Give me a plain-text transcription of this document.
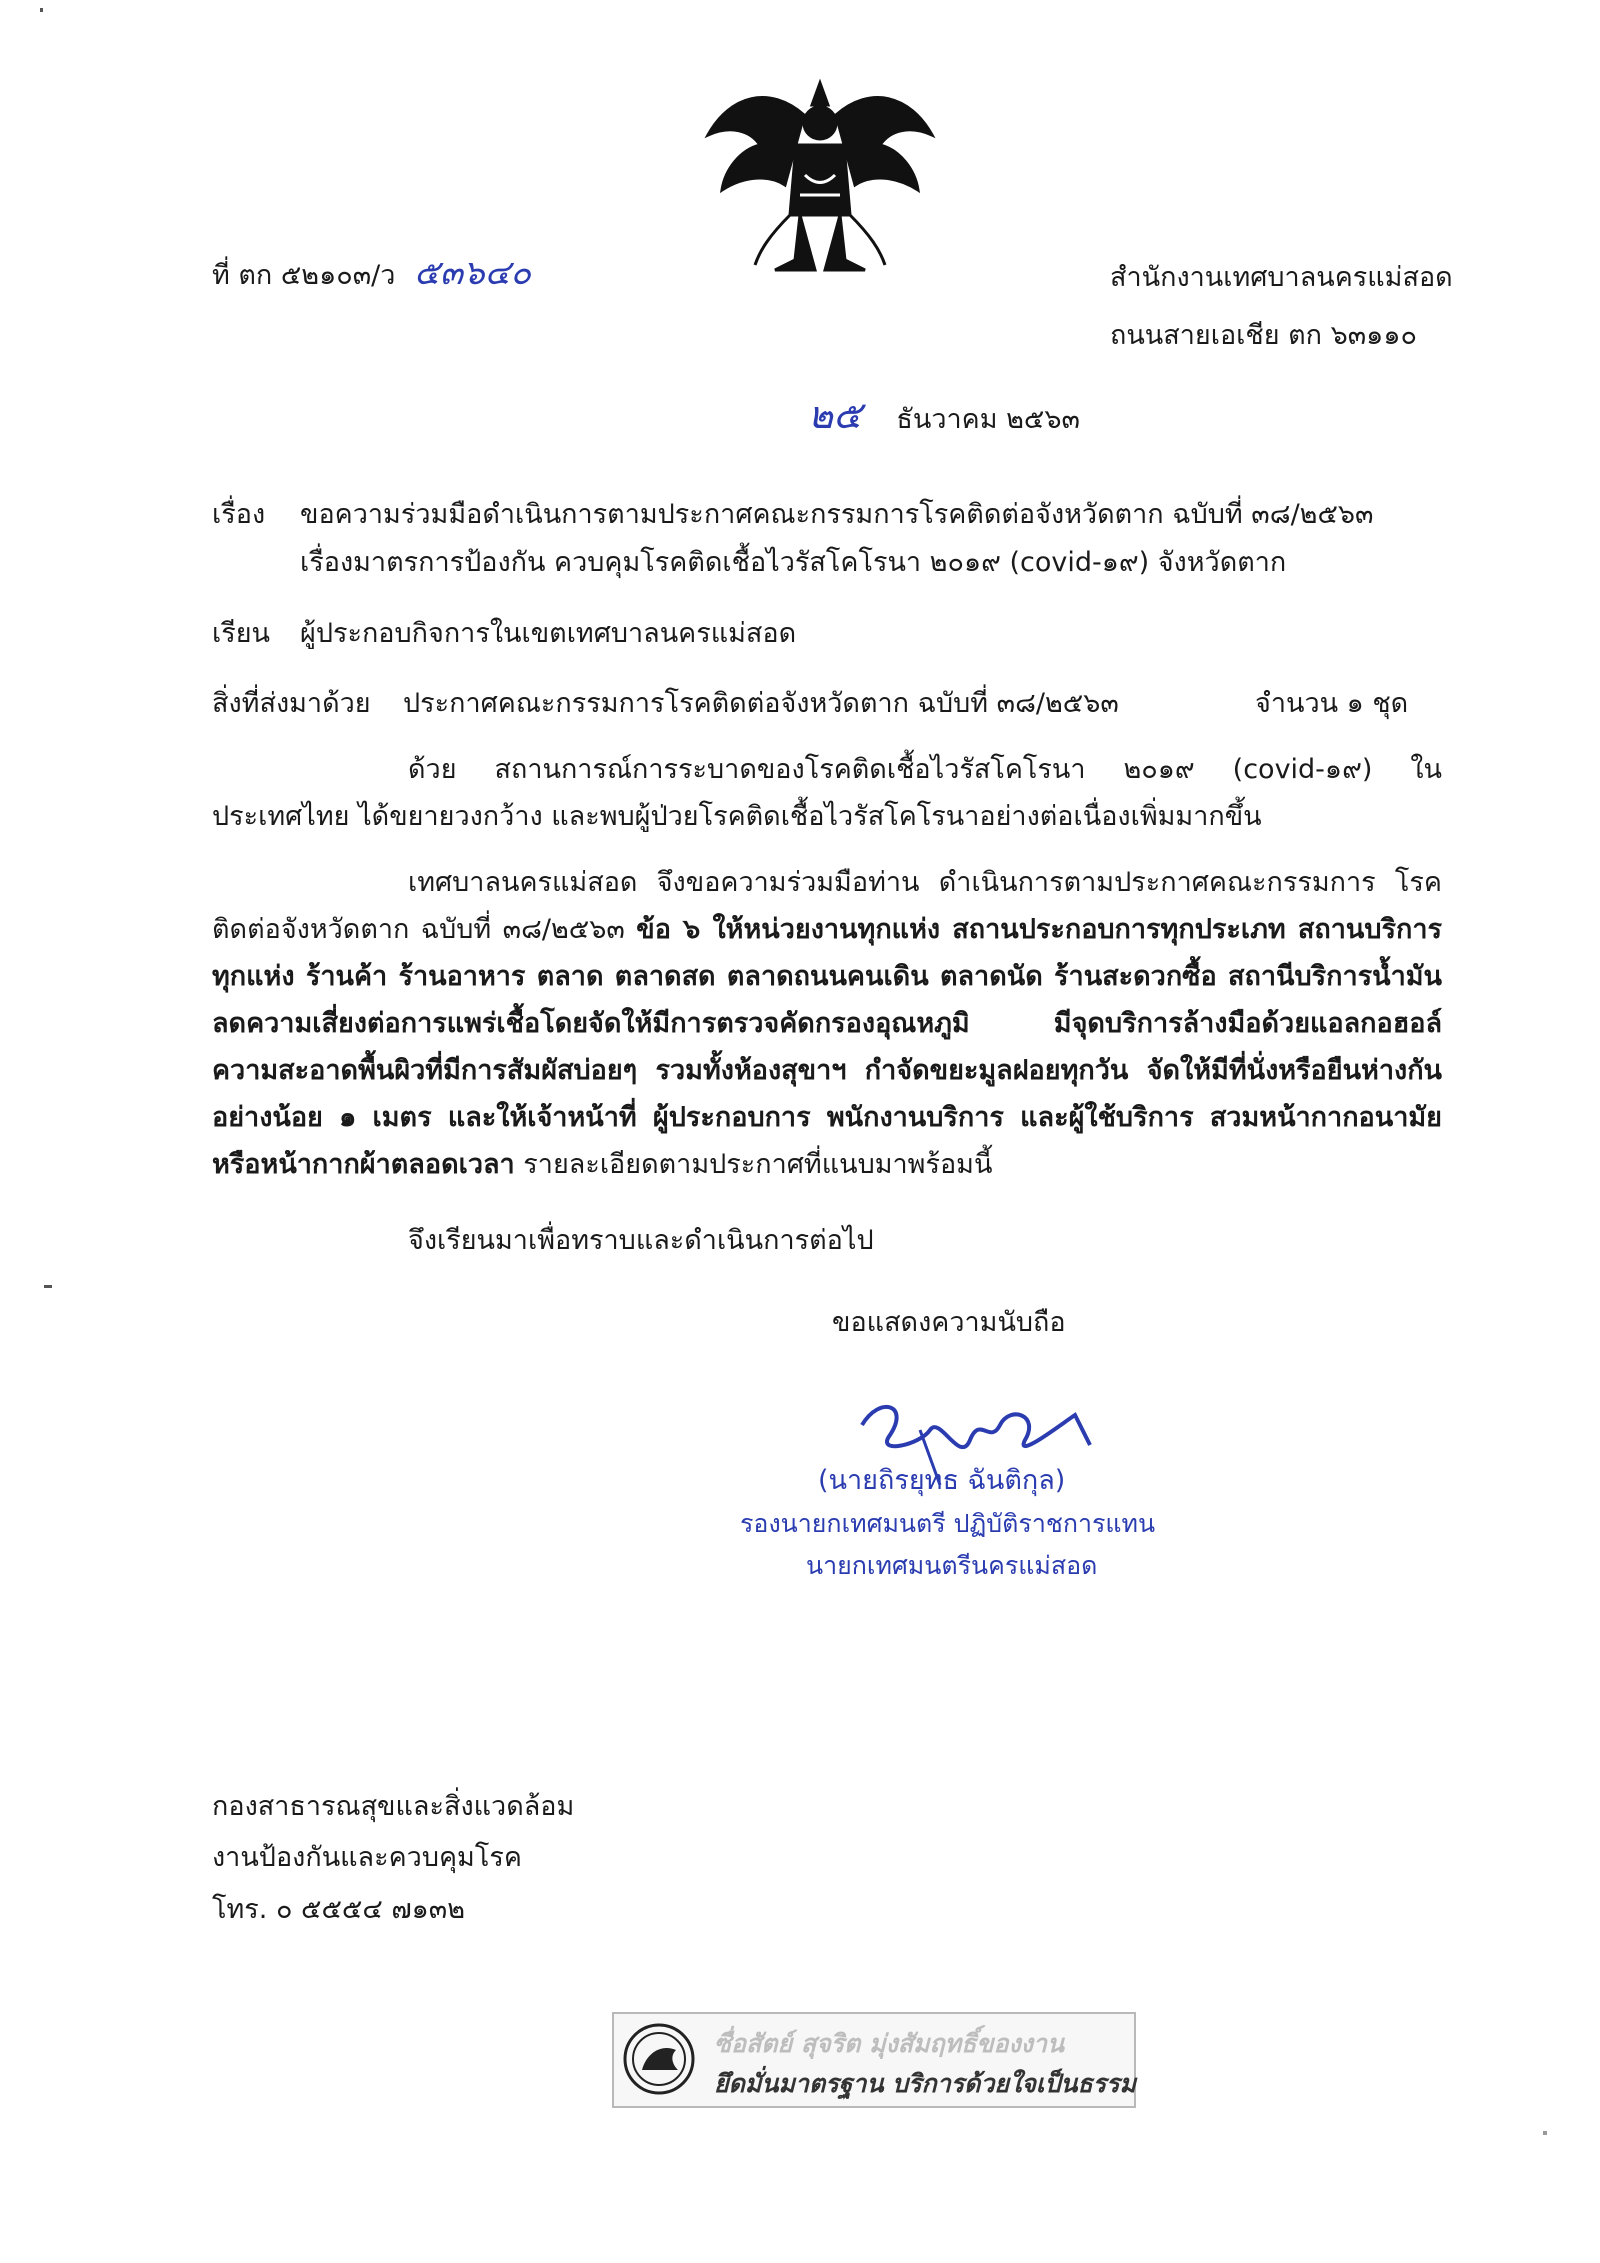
ที่ ตก ๕๒๑๐๓/ว ๕๓๖๔๐	สำนักงานเทศบาลนครแม่สอด
ถนนสายเอเชีย ตก ๖๓๑๑๐
๒๕ ธันวาคม ๒๕๖๓
เรื่อง ขอความร่วมมือดำเนินการตามประกาศคณะกรรมการโรคติดต่อจังหวัดตาก ฉบับที่ ๓๘/๒๕๖๓
เรื่องมาตรการป้องกัน ควบคุมโรคติดเชื้อไวรัสโคโรนา ๒๐๑๙ (covid-๑๙) จังหวัดตาก
เรียน ผู้ประกอบกิจการในเขตเทศบาลนครแม่สอด
สิ่งที่ส่งมาด้วย ประกาศคณะกรรมการโรคติดต่อจังหวัดตาก ฉบับที่ ๓๘/๒๕๖๓	จำนวน ๑ ชุด
ด้วย สถานการณ์การระบาดของโรคติดเชื้อไวรัสโคโรนา ๒๐๑๙ (covid-๑๙) ในประเทศไทย ได้ขยายวงกว้าง และพบผู้ป่วยโรคติดเชื้อไวรัสโคโรนาอย่างต่อเนื่องเพิ่มมากขึ้น
เทศบาลนครแม่สอด จึงขอความร่วมมือท่าน ดำเนินการตามประกาศคณะกรรมการ โรคติดต่อจังหวัดตาก ฉบับที่ ๓๘/๒๕๖๓ ข้อ ๖ ให้หน่วยงานทุกแห่ง สถานประกอบการทุกประเภท สถานบริการทุกแห่ง ร้านค้า ร้านอาหาร ตลาด ตลาดสด ตลาดถนนคนเดิน ตลาดนัด ร้านสะดวกซื้อ สถานีบริการน้ำมัน ลดความเสี่ยงต่อการแพร่เชื้อโดยจัดให้มีการตรวจคัดกรองอุณหภูมิ มีจุดบริการล้างมือด้วยแอลกอฮอล์ ความสะอาดพื้นผิวที่มีการสัมผัสบ่อยๆ รวมทั้งห้องสุขาฯ กำจัดขยะมูลฝอยทุกวัน จัดให้มีที่นั่งหรือยืนห่างกันอย่างน้อย ๑ เมตร และให้เจ้าหน้าที่ ผู้ประกอบการ พนักงานบริการ และผู้ใช้บริการ สวมหน้ากากอนามัยหรือหน้ากากผ้าตลอดเวลา รายละเอียดตามประกาศที่แนบมาพร้อมนี้
จึงเรียนมาเพื่อทราบและดำเนินการต่อไป
ขอแสดงความนับถือ
(นายถิรยุทธ ฉันติกุล)
รองนายกเทศมนตรี ปฏิบัติราชการแทน
นายกเทศมนตรีนครแม่สอด
กองสาธารณสุขและสิ่งแวดล้อม
งานป้องกันและควบคุมโรค
โทร. ๐ ๕๕๕๔ ๗๑๓๒
ซื่อสัตย์ สุจริต มุ่งสัมฤทธิ์ของงาน
ยึดมั่นมาตรฐาน บริการด้วยใจเป็นธรรม
